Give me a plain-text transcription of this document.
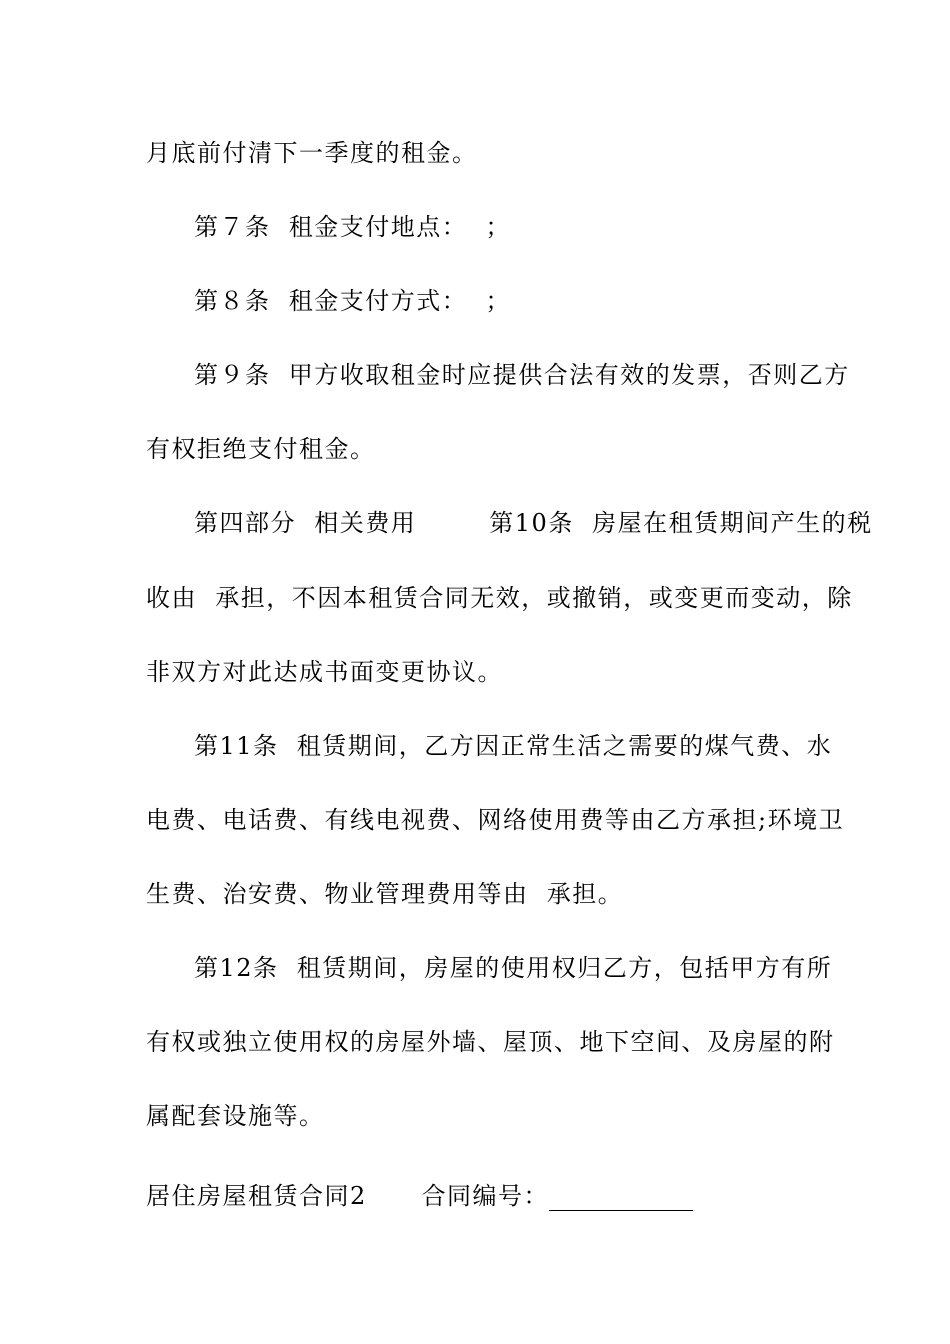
月底前付清下一季度的租金。
第７条  租金支付地点：  ；
第８条  租金支付方式：  ；
第９条  甲方收取租金时应提供合法有效的发票，否则乙方
有权拒绝支付租金。
第四部分  相关费用        第10条  房屋在租赁期间产生的税
收由  承担，不因本租赁合同无效，或撤销，或变更而变动，除
非双方对此达成书面变更协议。
第11条  租赁期间，乙方因正常生活之需要的煤气费、水
电费、电话费、有线电视费、网络使用费等由乙方承担;环境卫
生费、治安费、物业管理费用等由  承担。
第12条  租赁期间，房屋的使用权归乙方，包括甲方有所
有权或独立使用权的房屋外墙、屋顶、地下空间、及房屋的附
属配套设施等。
居住房屋租赁合同2 合同编号：
